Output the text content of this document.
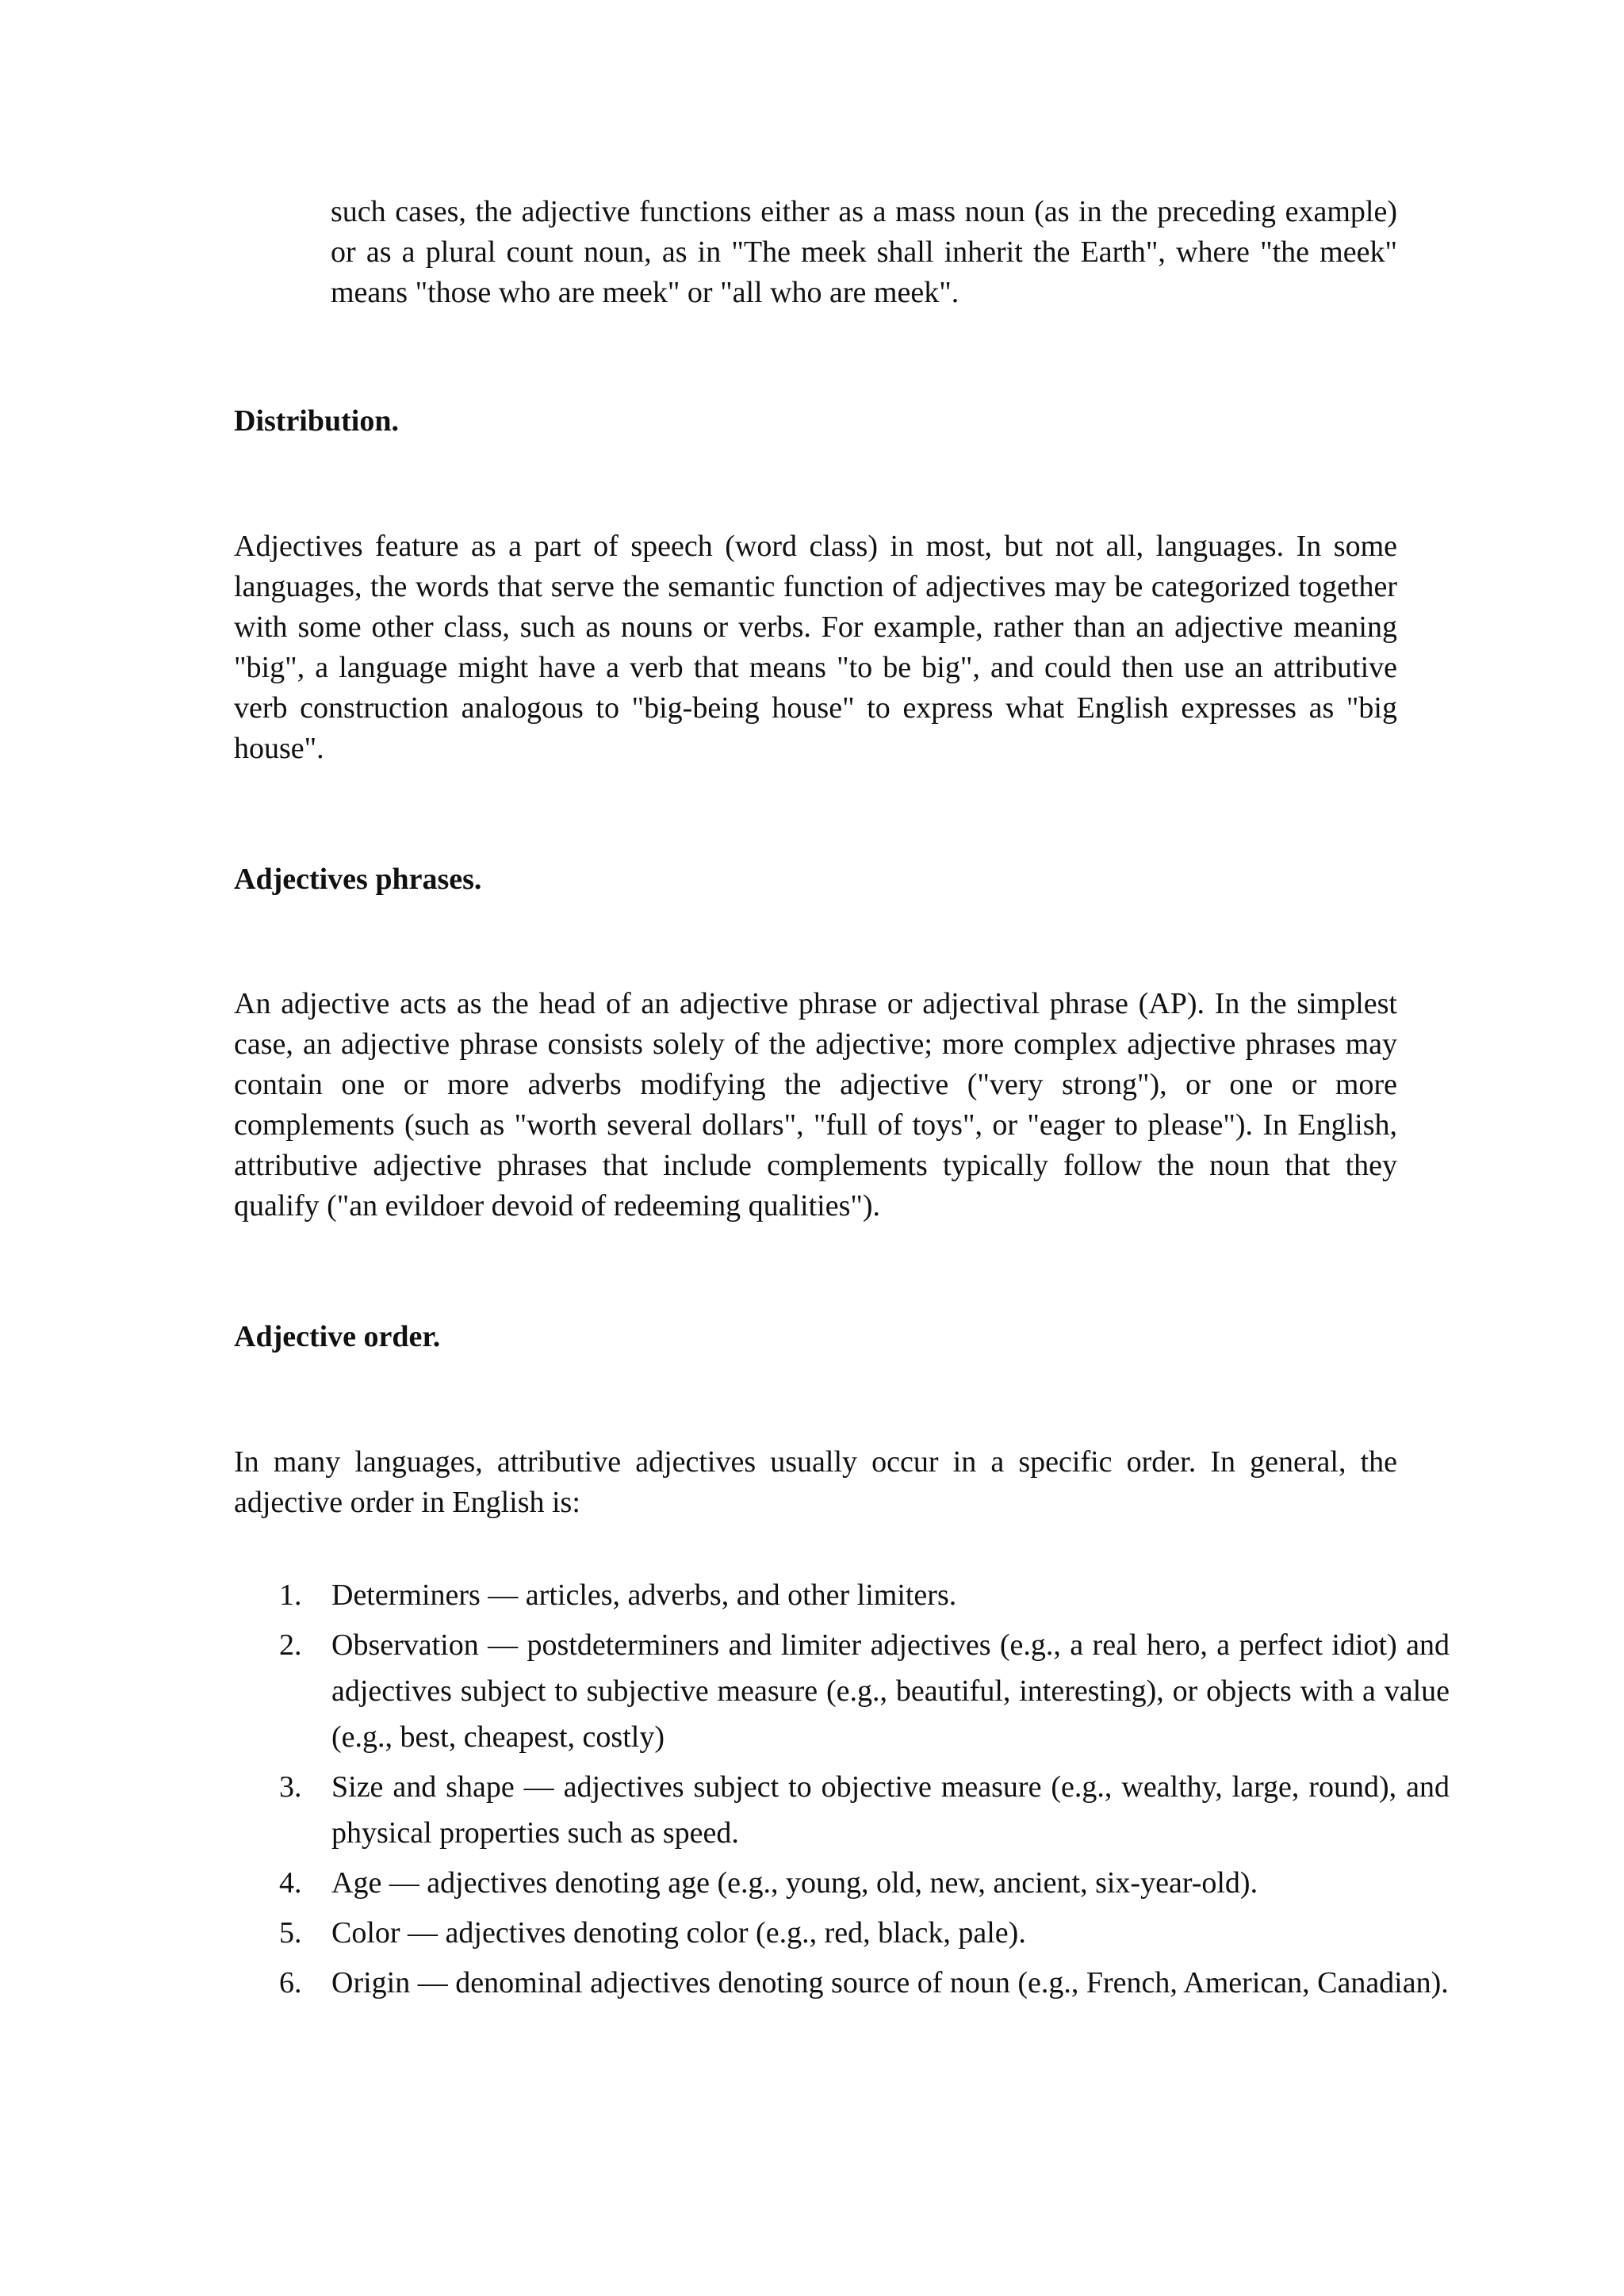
such cases, the adjective functions either as a mass noun (as in the preceding example) or as a plural count noun, as in "The meek shall inherit the Earth", where "the meek" means "those who are meek" or "all who are meek".

Distribution.

Adjectives feature as a part of speech (word class) in most, but not all, languages. In some languages, the words that serve the semantic function of adjectives may be categorized together with some other class, such as nouns or verbs. For example, rather than an adjective meaning "big", a language might have a verb that means "to be big", and could then use an attributive verb construction analogous to "big-being house" to express what English expresses as "big house".

Adjectives phrases.

An adjective acts as the head of an adjective phrase or adjectival phrase (AP). In the simplest case, an adjective phrase consists solely of the adjective; more complex adjective phrases may contain one or more adverbs modifying the adjective ("very strong"), or one or more complements (such as "worth several dollars", "full of toys", or "eager to please"). In English, attributive adjective phrases that include complements typically follow the noun that they qualify ("an evildoer devoid of redeeming qualities").

Adjective order.

In many languages, attributive adjectives usually occur in a specific order. In general, the adjective order in English is:

1. Determiners — articles, adverbs, and other limiters.
2. Observation — postdeterminers and limiter adjectives (e.g., a real hero, a perfect idiot) and adjectives subject to subjective measure (e.g., beautiful, interesting), or objects with a value (e.g., best, cheapest, costly)
3. Size and shape — adjectives subject to objective measure (e.g., wealthy, large, round), and physical properties such as speed.
4. Age — adjectives denoting age (e.g., young, old, new, ancient, six-year-old).
5. Color — adjectives denoting color (e.g., red, black, pale).
6. Origin — denominal adjectives denoting source of noun (e.g., French, American, Canadian).
